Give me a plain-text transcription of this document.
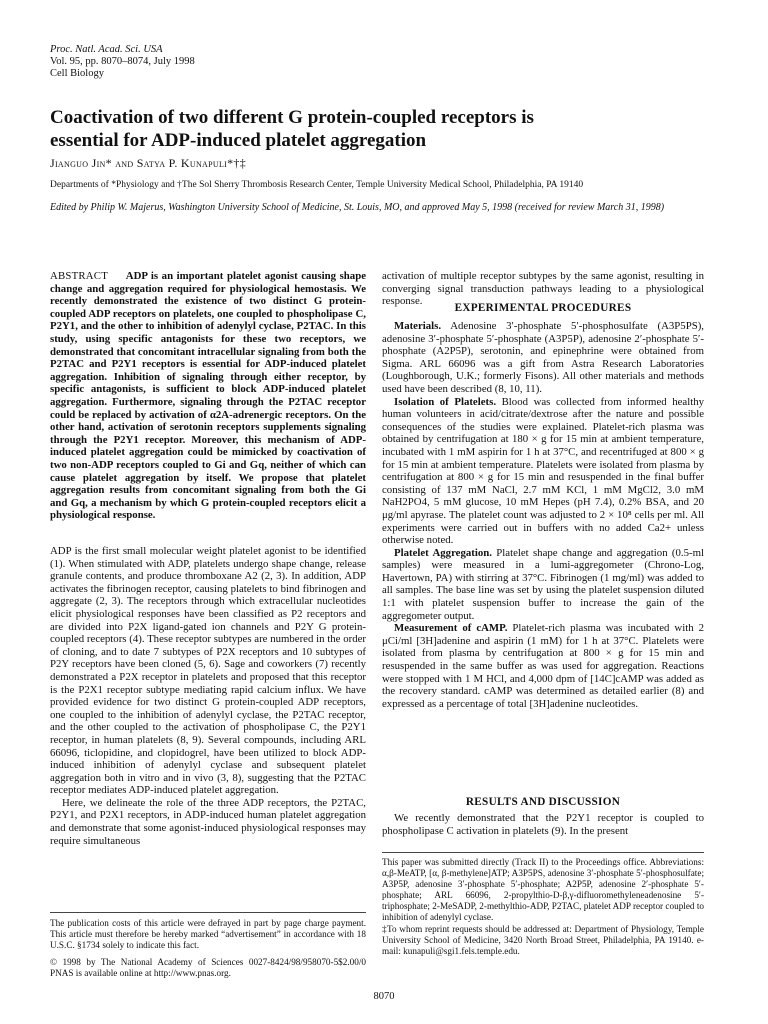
Proc. Natl. Acad. Sci. USA
Vol. 95, pp. 8070–8074, July 1998
Cell Biology
Coactivation of two different G protein-coupled receptors is
essential for ADP-induced platelet aggregation
Jianguo Jin* and Satya P. Kunapuli*†‡
Departments of *Physiology and †The Sol Sherry Thrombosis Research Center, Temple University Medical School, Philadelphia, PA 19140
Edited by Philip W. Majerus, Washington University School of Medicine, St. Louis, MO, and approved May 5, 1998 (received for review March 31, 1998)

ABSTRACT ADP is an important platelet agonist causing shape change and aggregation required for physiological hemostasis. We recently demonstrated the existence of two distinct G protein-coupled ADP receptors on platelets, one coupled to phospholipase C, P2Y1, and the other to inhibition of adenylyl cyclase, P2TAC. In this study, using specific antagonists for these two receptors, we demonstrated that concomitant intracellular signaling from both the P2TAC and P2Y1 receptors is essential for ADP-induced platelet aggregation. Inhibition of signaling through either receptor, by specific antagonists, is sufficient to block ADP-induced platelet aggregation. Furthermore, signaling through the P2TAC receptor could be replaced by activation of α2A-adrenergic receptors. On the other hand, activation of serotonin receptors supplements signaling through the P2Y1 receptor. Moreover, this mechanism of ADP-induced platelet aggregation could be mimicked by coactivation of two non-ADP receptors coupled to Gi and Gq, neither of which can cause platelet aggregation by itself. We propose that platelet aggregation results from concomitant signaling from both the Gi and Gq, a mechanism by which G protein-coupled receptors elicit a physiological response.

ADP is the first small molecular weight platelet agonist to be identified (1). When stimulated with ADP, platelets undergo shape change, release granule contents, and produce thromboxane A2 (2, 3). In addition, ADP activates the fibrinogen receptor, causing platelets to bind fibrinogen and aggregate (2, 3). The receptors through which extracellular nucleotides elicit physiological responses have been classified as P2 receptors and are divided into P2X ligand-gated ion channels and P2Y G protein-coupled receptors (4). These receptor subtypes are numbered in the order of cloning, and to date 7 subtypes of P2X receptors and 10 subtypes of P2Y receptors have been cloned (5, 6). Sage and coworkers (7) recently demonstrated a P2X receptor in platelets and proposed that this receptor is the P2X1 receptor subtype mediating rapid calcium influx. We have provided evidence for two distinct G protein-coupled ADP receptors, one coupled to the inhibition of adenylyl cyclase, the P2TAC receptor, and the other coupled to the activation of phospholipase C, the P2Y1 receptor, in human platelets (8, 9). Several compounds, including ARL 66096, ticlopidine, and clopidogrel, have been utilized to block ADP-induced inhibition of adenylyl cyclase and subsequent platelet aggregation both in vitro and in vivo (3, 8), suggesting that the P2TAC receptor mediates ADP-induced platelet aggregation.

Here, we delineate the role of the three ADP receptors, the P2TAC, P2Y1, and P2X1 receptors, in ADP-induced human platelet aggregation and demonstrate that some agonist-induced physiological responses may require simultaneous

The publication costs of this article were defrayed in part by page charge payment. This article must therefore be hereby marked “advertisement” in accordance with 18 U.S.C. §1734 solely to indicate this fact.
© 1998 by The National Academy of Sciences 0027-8424/98/958070-5$2.00/0 PNAS is available online at http://www.pnas.org.
activation of multiple receptor subtypes by the same agonist, resulting in converging signal transduction pathways leading to a physiological response.
EXPERIMENTAL PROCEDURES

Materials. Adenosine 3′-phosphate 5′-phosphosulfate (A3P5PS), adenosine 3′-phosphate 5′-phosphate (A3P5P), adenosine 2′-phosphate 5′-phosphate (A2P5P), serotonin, and epinephrine were obtained from Sigma. ARL 66096 was a gift from Astra Research Laboratories (Loughborough, U.K.; formerly Fisons). All other materials and methods used have been described (8, 10, 11).

Isolation of Platelets. Blood was collected from informed healthy human volunteers in acid/citrate/dextrose after the nature and possible consequences of the studies were explained. Platelet-rich plasma was obtained by centrifugation at 180 × g for 15 min at ambient temperature, incubated with 1 mM aspirin for 1 h at 37°C, and recentrifuged at 800 × g for 15 min at ambient temperature. Platelets were isolated from plasma by centrifugation at 800 × g for 15 min and resuspended in the final buffer consisting of 137 mM NaCl, 2.7 mM KCl, 1 mM MgCl2, 3.0 mM NaH2PO4, 5 mM glucose, 10 mM Hepes (pH 7.4), 0.2% BSA, and 20 μg/ml apyrase. The platelet count was adjusted to 2 × 10⁸ cells per ml. All experiments were carried out in buffers with no added Ca2+ unless otherwise noted.

Platelet Aggregation. Platelet shape change and aggregation (0.5-ml samples) were measured in a lumi-aggregometer (Chrono-Log, Havertown, PA) with stirring at 37°C. Fibrinogen (1 mg/ml) was added to all samples. The base line was set by using the platelet suspension diluted 1:1 with platelet suspension buffer to increase the gain of the aggregometer output.

Measurement of cAMP. Platelet-rich plasma was incubated with 2 μCi/ml [3H]adenine and aspirin (1 mM) for 1 h at 37°C. Platelets were isolated from plasma by centrifugation at 800 × g for 15 min and resuspended in the same buffer as was used for aggregation. Reactions were stopped with 1 M HCl, and 4,000 dpm of [14C]cAMP was added as the recovery standard. cAMP was determined as detailed earlier (8) and expressed as a percentage of total [3H]adenine nucleotides.

RESULTS AND DISCUSSION

We recently demonstrated that the P2Y1 receptor is coupled to phospholipase C activation in platelets (9). In the present

This paper was submitted directly (Track II) to the Proceedings office. Abbreviations: α,β-MeATP, [α, β-methylene]ATP; A3P5PS, adenosine 3′-phosphate 5′-phosphosulfate; A3P5P, adenosine 3′-phosphate 5′-phosphate; A2P5P, adenosine 2′-phosphate 5′-phosphate; ARL 66096, 2-propylthio-D-β,γ-difluoromethyleneadenosine 5′-triphosphate; 2-MeSADP, 2-methylthio-ADP, P2TAC, platelet ADP receptor coupled to inhibition of adenylyl cyclase.
‡To whom reprint requests should be addressed at: Department of Physiology, Temple University School of Medicine, 3420 North Broad Street, Philadelphia, PA 19140. e-mail: kunapuli@sgi1.fels.temple.edu.
8070
